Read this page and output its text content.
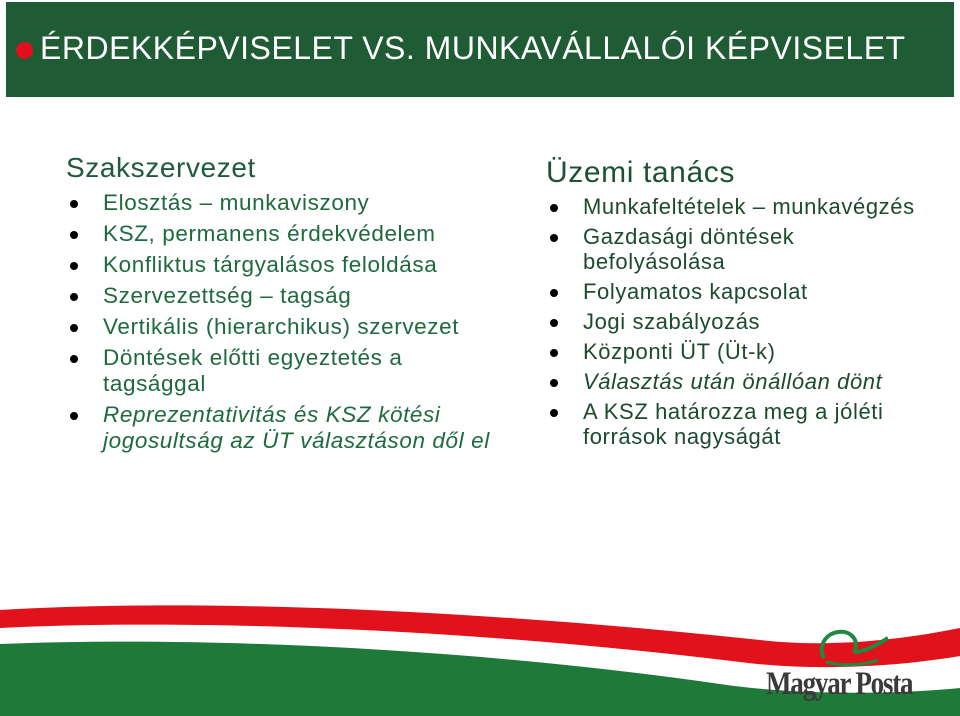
ÉRDEKKÉPVISELET VS. MUNKAVÁLLALÓI KÉPVISELET
Szakszervezet
Elosztás – munkaviszony
KSZ, permanens érdekvédelem
Konfliktus tárgyalásos feloldása
Szervezettség – tagság
Vertikális (hierarchikus) szervezet
Döntések előtti egyeztetés a tagsággal
Reprezentativitás és KSZ kötési jogosultság az ÜT választáson dől el
Üzemi tanács
Munkafeltételek – munkavégzés
Gazdasági döntések befolyásolása
Folyamatos kapcsolat
Jogi szabályozás
Központi ÜT (Üt-k)
Választás után önállóan dönt
A KSZ határozza meg a jóléti források nagyságát
Magyar Posta
